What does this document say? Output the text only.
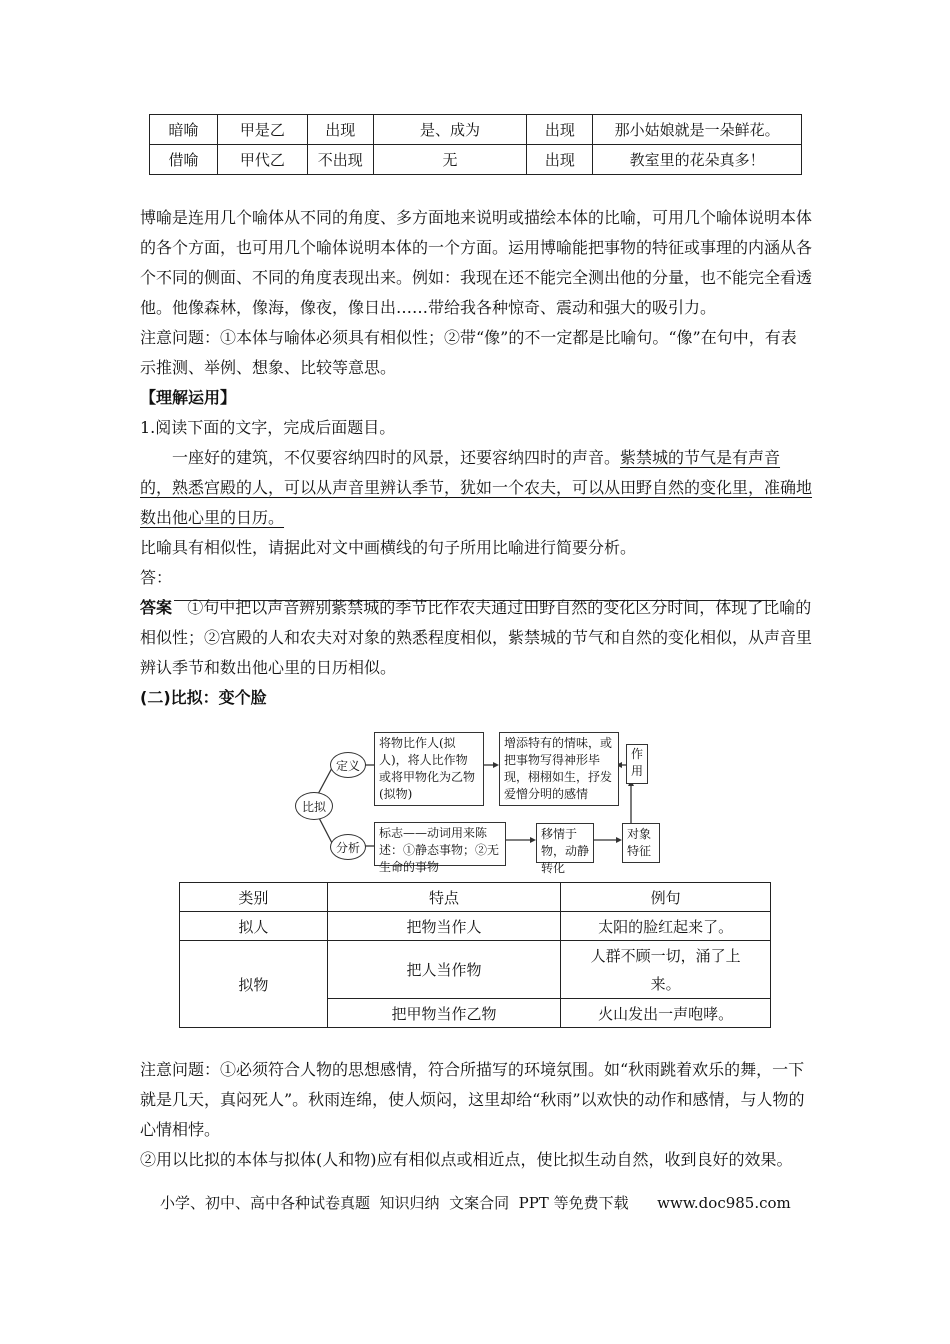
暗喻	甲是乙	出现	是、成为	出现	那小姑娘就是一朵鲜花。
借喻	甲代乙	不出现	无	出现	教室里的花朵真多！

博喻是连用几个喻体从不同的角度、多方面地来说明或描绘本体的比喻，可用几个喻体说明本体的各个方面，也可用几个喻体说明本体的一个方面。运用博喻能把事物的特征或事理的内涵从各个不同的侧面、不同的角度表现出来。例如：我现在还不能完全测出他的分量，也不能完全看透他。他像森林，像海，像夜，像日出……带给我各种惊奇、震动和强大的吸引力。

注意问题：①本体与喻体必须具有相似性；②带“像”的不一定都是比喻句。“像”在句中，有表示推测、举例、想象、比较等意思。

【理解运用】

1.阅读下面的文字，完成后面题目。

一座好的建筑，不仅要容纳四时的风景，还要容纳四时的声音。紫禁城的节气是有声音的，熟悉宫殿的人，可以从声音里辨认季节，犹如一个农夫，可以从田野自然的变化里，准确地数出他心里的日历。

比喻具有相似性，请据此对文中画横线的句子所用比喻进行简要分析。

答：

答案 ①句中把以声音辨别紫禁城的季节比作农夫通过田野自然的变化区分时间，体现了比喻的相似性；②宫殿的人和农夫对对象的熟悉程度相似，紫禁城的节气和自然的变化相似，从声音里辨认季节和数出他心里的日历相似。

(二)比拟：变个脸

比拟
定义
分析
将物比作人(拟人)，将人比作物或将甲物化为乙物(拟物)
增添特有的情味，或把事物写得神形毕现，栩栩如生，抒发爱憎分明的感情
作用
标志——动词用来陈述：①静态事物；②无生命的事物
移情于物，动静转化
对象特征
类别	特点	例句
拟人	把物当作人	太阳的脸红起来了。
拟物	把人当作物	人群不顾一切，涌了上来。
	把甲物当作乙物	火山发出一声咆哮。

注意问题：①必须符合人物的思想感情，符合所描写的环境氛围。如“秋雨跳着欢乐的舞，一下就是几天，真闷死人”。秋雨连绵，使人烦闷，这里却给“秋雨”以欢快的动作和感情，与人物的心情相悖。

②用以比拟的本体与拟体(人和物)应有相似点或相近点，使比拟生动自然，收到良好的效果。

小学、初中、高中各种试卷真题  知识归纳  文案合同  PPT 等免费下载      www.doc985.com
